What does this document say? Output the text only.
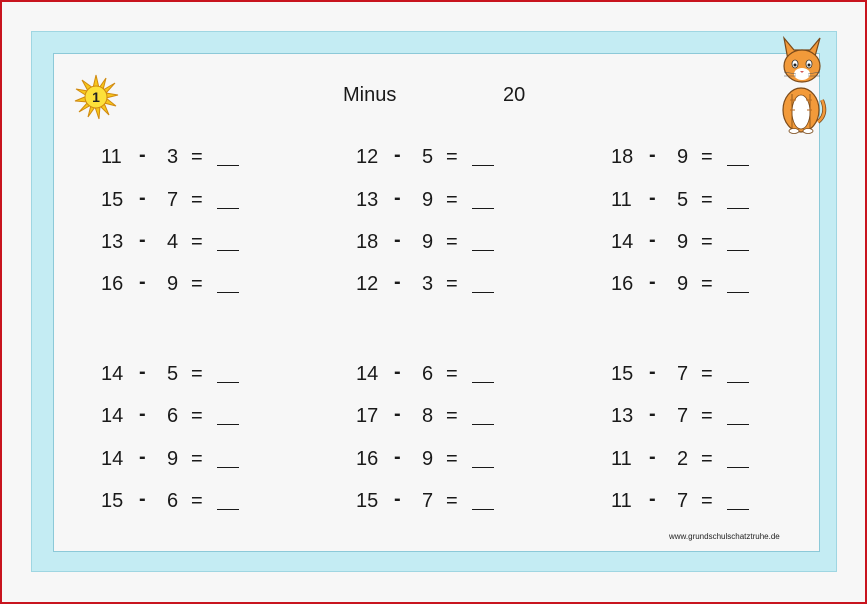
1	Minus	20
11 - 3 =
15 - 7 =
13 - 4 =
16 - 9 =
12 - 5 =
13 - 9 =
18 - 9 =
12 - 3 =
18 - 9 =
11 - 5 =
14 - 9 =
16 - 9 =
14 - 5 =
14 - 6 =
14 - 9 =
15 - 6 =
14 - 6 =
17 - 8 =
16 - 9 =
15 - 7 =
15 - 7 =
13 - 7 =
11 - 2 =
11 - 7 =
www.grundschulschatztruhe.de
